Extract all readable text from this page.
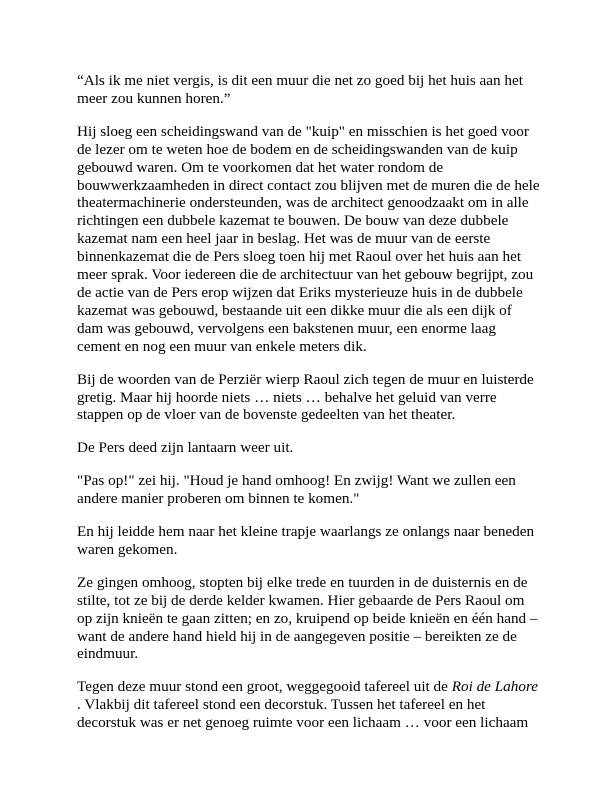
“Als ik me niet vergis, is dit een muur die net zo goed bij het huis aan het
meer zou kunnen horen.”

Hij sloeg een scheidingswand van de "kuip" en misschien is het goed voor
de lezer om te weten hoe de bodem en de scheidingswanden van de kuip
gebouwd waren. Om te voorkomen dat het water rondom de
bouwwerkzaamheden in direct contact zou blijven met de muren die de hele
theatermachinerie ondersteunden, was de architect genoodzaakt om in alle
richtingen een dubbele kazemat te bouwen. De bouw van deze dubbele
kazemat nam een heel jaar in beslag. Het was de muur van de eerste
binnenkazemat die de Pers sloeg toen hij met Raoul over het huis aan het
meer sprak. Voor iedereen die de architectuur van het gebouw begrijpt, zou
de actie van de Pers erop wijzen dat Eriks mysterieuze huis in de dubbele
kazemat was gebouwd, bestaande uit een dikke muur die als een dijk of
dam was gebouwd, vervolgens een bakstenen muur, een enorme laag
cement en nog een muur van enkele meters dik.

Bij de woorden van de Perziër wierp Raoul zich tegen de muur en luisterde
gretig. Maar hij hoorde niets … niets … behalve het geluid van verre
stappen op de vloer van de bovenste gedeelten van het theater.

De Pers deed zijn lantaarn weer uit.

"Pas op!" zei hij. "Houd je hand omhoog! En zwijg! Want we zullen een
andere manier proberen om binnen te komen."

En hij leidde hem naar het kleine trapje waarlangs ze onlangs naar beneden
waren gekomen.

Ze gingen omhoog, stopten bij elke trede en tuurden in de duisternis en de
stilte, tot ze bij de derde kelder kwamen. Hier gebaarde de Pers Raoul om
op zijn knieën te gaan zitten; en zo, kruipend op beide knieën en één hand –
want de andere hand hield hij in de aangegeven positie – bereikten ze de
eindmuur.

Tegen deze muur stond een groot, weggegooid tafereel uit de Roi de Lahore
. Vlakbij dit tafereel stond een decorstuk. Tussen het tafereel en het
decorstuk was er net genoeg ruimte voor een lichaam … voor een lichaam
